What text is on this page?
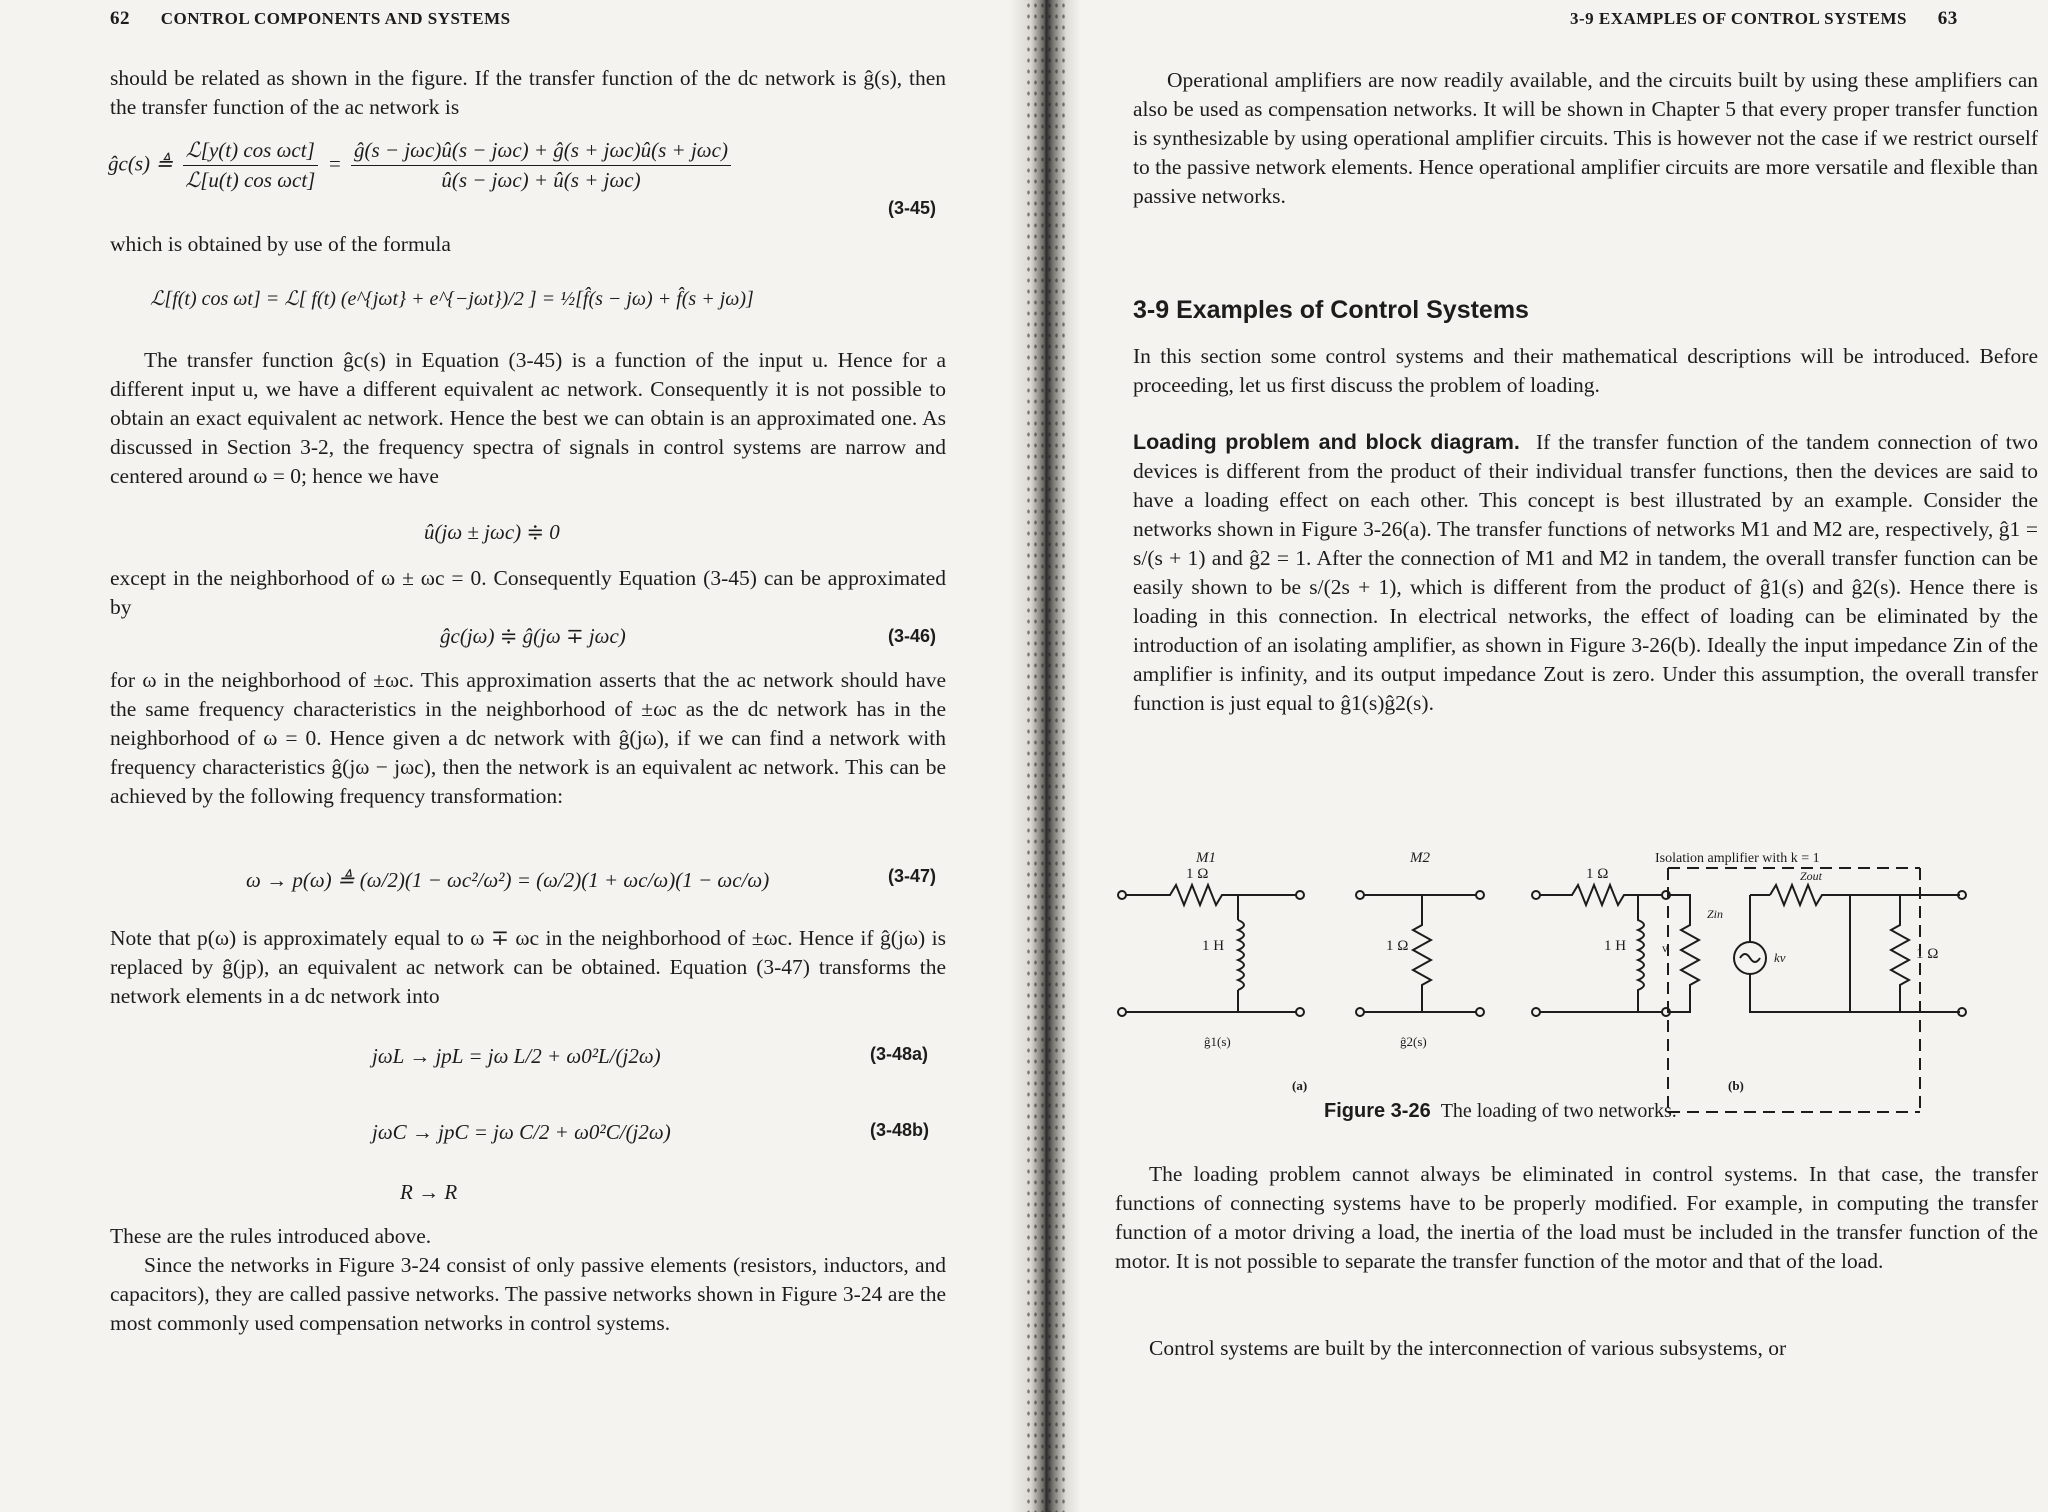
62 CONTROL COMPONENTS AND SYSTEMS
should be related as shown in the figure. If the transfer function of the dc network is ĝ(s), then the transfer function of the ac network is
ĝc(s) ≜ $\frac{\text{ℒ[y(t) cos ωct]}}{\text{ℒ[u(t) cos ωct]}} = \frac{\text{ĝ(s − jωc)û(s − jωc) + ĝ(s + jωc)û(s + jωc)}}{\text{û(s − jωc) + û(s + jωc)}}$
(3-45)
which is obtained by use of the formula
ℒ[f(t) cos ωt] = ℒ[ f(t) (e^{jωt} + e^{−jωt})/2 ] = ½[f̂(s − jω) + f̂(s + jω)]
The transfer function ĝc(s) in Equation (3-45) is a function of the input u. Hence for a different input u, we have a different equivalent ac network. Consequently it is not possible to obtain an exact equivalent ac network. Hence the best we can obtain is an approximated one. As discussed in Section 3-2, the frequency spectra of signals in control systems are narrow and centered around ω = 0; hence we have
û(jω ± jωc) ≑ 0
except in the neighborhood of ω ± ωc = 0. Consequently Equation (3-45) can be approximated by
ĝc(jω) ≑ ĝ(jω ∓ jωc)	(3-46)
for ω in the neighborhood of ±ωc. This approximation asserts that the ac network should have the same frequency characteristics in the neighborhood of ±ωc as the dc network has in the neighborhood of ω = 0. Hence given a dc network with ĝ(jω), if we can find a network with frequency characteristics ĝ(jω − jωc), then the network is an equivalent ac network. This can be achieved by the following frequency transformation:
ω → p(ω) ≜ (ω/2)(1 − ωc²/ω²) = (ω/2)(1 + ωc/ω)(1 − ωc/ω)	(3-47)
Note that p(ω) is approximately equal to ω ∓ ωc in the neighborhood of ±ωc. Hence if ĝ(jω) is replaced by ĝ(jp), an equivalent ac network can be obtained. Equation (3-47) transforms the network elements in a dc network into
jωL → jpL = jω L/2 + ω0²L/(j2ω)	(3-48a)
jωC → jpC = jω C/2 + ω0²C/(j2ω)	(3-48b)
R → R
These are the rules introduced above.
Since the networks in Figure 3-24 consist of only passive elements (resistors, inductors, and capacitors), they are called passive networks. The passive networks shown in Figure 3-24 are the most commonly used compensation networks in control systems.
3-9 EXAMPLES OF CONTROL SYSTEMS 63
Operational amplifiers are now readily available, and the circuits built by using these amplifiers can also be used as compensation networks. It will be shown in Chapter 5 that every proper transfer function is synthesizable by using operational amplifier circuits. This is however not the case if we restrict ourself to the passive network elements. Hence operational amplifier circuits are more versatile and flexible than passive networks.
3-9 Examples of Control Systems
In this section some control systems and their mathematical descriptions will be introduced. Before proceeding, let us first discuss the problem of loading.

Loading problem and block diagram. If the transfer function of the tandem connection of two devices is different from the product of their individual transfer functions, then the devices are said to have a loading effect on each other. This concept is best illustrated by an example. Consider the networks shown in Figure 3-26(a). The transfer functions of networks M1 and M2 are, respectively, ĝ1 = s/(s + 1) and ĝ2 = 1. After the connection of M1 and M2 in tandem, the overall transfer function can be easily shown to be s/(2s + 1), which is different from the product of ĝ1(s) and ĝ2(s). Hence there is loading in this connection. In electrical networks, the effect of loading can be eliminated by the introduction of an isolating amplifier, as shown in Figure 3-26(b). Ideally the input impedance Zin of the amplifier is infinity, and its output impedance Zout is zero. Under this assumption, the overall transfer function is just equal to ĝ1(s)ĝ2(s).

The loading problem cannot always be eliminated in control systems. In that case, the transfer functions of connecting systems have to be properly modified. For example, in computing the transfer function of a motor driving a load, the inertia of the load must be included in the transfer function of the motor. It is not possible to separate the transfer function of the motor and that of the load.
Control systems are built by the interconnection of various subsystems, or
M1	M2	Isolation amplifier with k = 1
1 Ω
1 H	1 Ω
1 Ω
1 H	v
Zin
Zout
kv	1 Ω
ĝ1(s)	ĝ2(s)
(a)	(b)
Figure 3-26 The loading of two networks.
